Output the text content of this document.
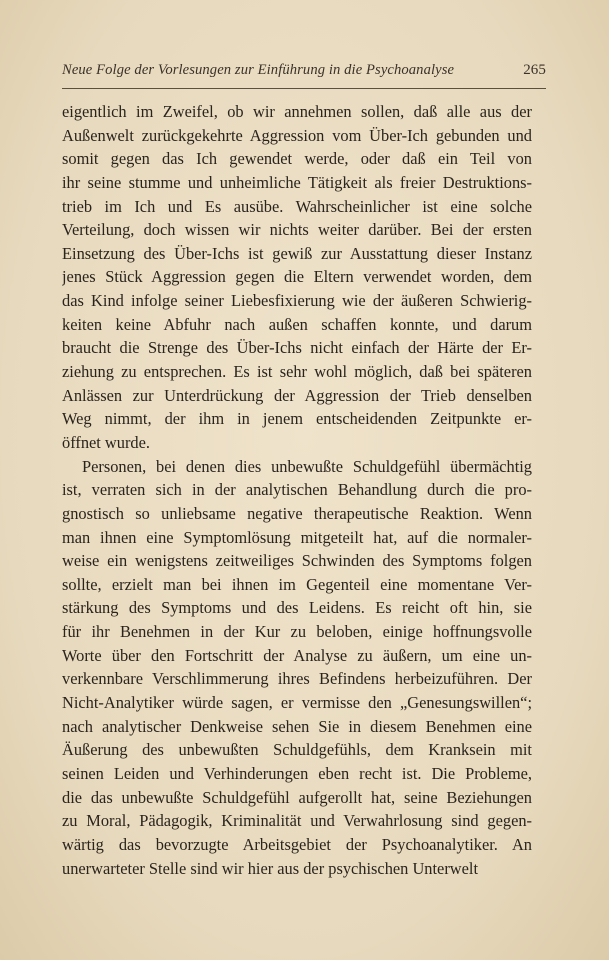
Neue Folge der Vorlesungen zur Einführung in die Psychoanalyse	265
eigentlich im Zweifel, ob wir annehmen sollen, daß alle aus der
Außenwelt zurückgekehrte Aggression vom Über-Ich gebunden und
somit gegen das Ich gewendet werde, oder daß ein Teil von
ihr seine stumme und unheimliche Tätigkeit als freier Destruktions-
trieb im Ich und Es ausübe. Wahrscheinlicher ist eine solche
Verteilung, doch wissen wir nichts weiter darüber. Bei der ersten
Einsetzung des Über-Ichs ist gewiß zur Ausstattung dieser Instanz
jenes Stück Aggression gegen die Eltern verwendet worden, dem
das Kind infolge seiner Liebesfixierung wie der äußeren Schwierig-
keiten keine Abfuhr nach außen schaffen konnte, und darum
braucht die Strenge des Über-Ichs nicht einfach der Härte der Er-
ziehung zu entsprechen. Es ist sehr wohl möglich, daß bei späteren
Anlässen zur Unterdrückung der Aggression der Trieb denselben
Weg nimmt, der ihm in jenem entscheidenden Zeitpunkte er-
öffnet wurde.
Personen, bei denen dies unbewußte Schuldgefühl übermächtig
ist, verraten sich in der analytischen Behandlung durch die pro-
gnostisch so unliebsame negative therapeutische Reaktion. Wenn
man ihnen eine Symptomlösung mitgeteilt hat, auf die normaler-
weise ein wenigstens zeitweiliges Schwinden des Symptoms folgen
sollte, erzielt man bei ihnen im Gegenteil eine momentane Ver-
stärkung des Symptoms und des Leidens. Es reicht oft hin, sie
für ihr Benehmen in der Kur zu beloben, einige hoffnungsvolle
Worte über den Fortschritt der Analyse zu äußern, um eine un-
verkennbare Verschlimmerung ihres Befindens herbeizuführen. Der
Nicht-Analytiker würde sagen, er vermisse den „Genesungswillen“;
nach analytischer Denkweise sehen Sie in diesem Benehmen eine
Äußerung des unbewußten Schuldgefühls, dem Kranksein mit
seinen Leiden und Verhinderungen eben recht ist. Die Probleme,
die das unbewußte Schuldgefühl aufgerollt hat, seine Beziehungen
zu Moral, Pädagogik, Kriminalität und Verwahrlosung sind gegen-
wärtig das bevorzugte Arbeitsgebiet der Psychoanalytiker. An
unerwarteter Stelle sind wir hier aus der psychischen Unterwelt
